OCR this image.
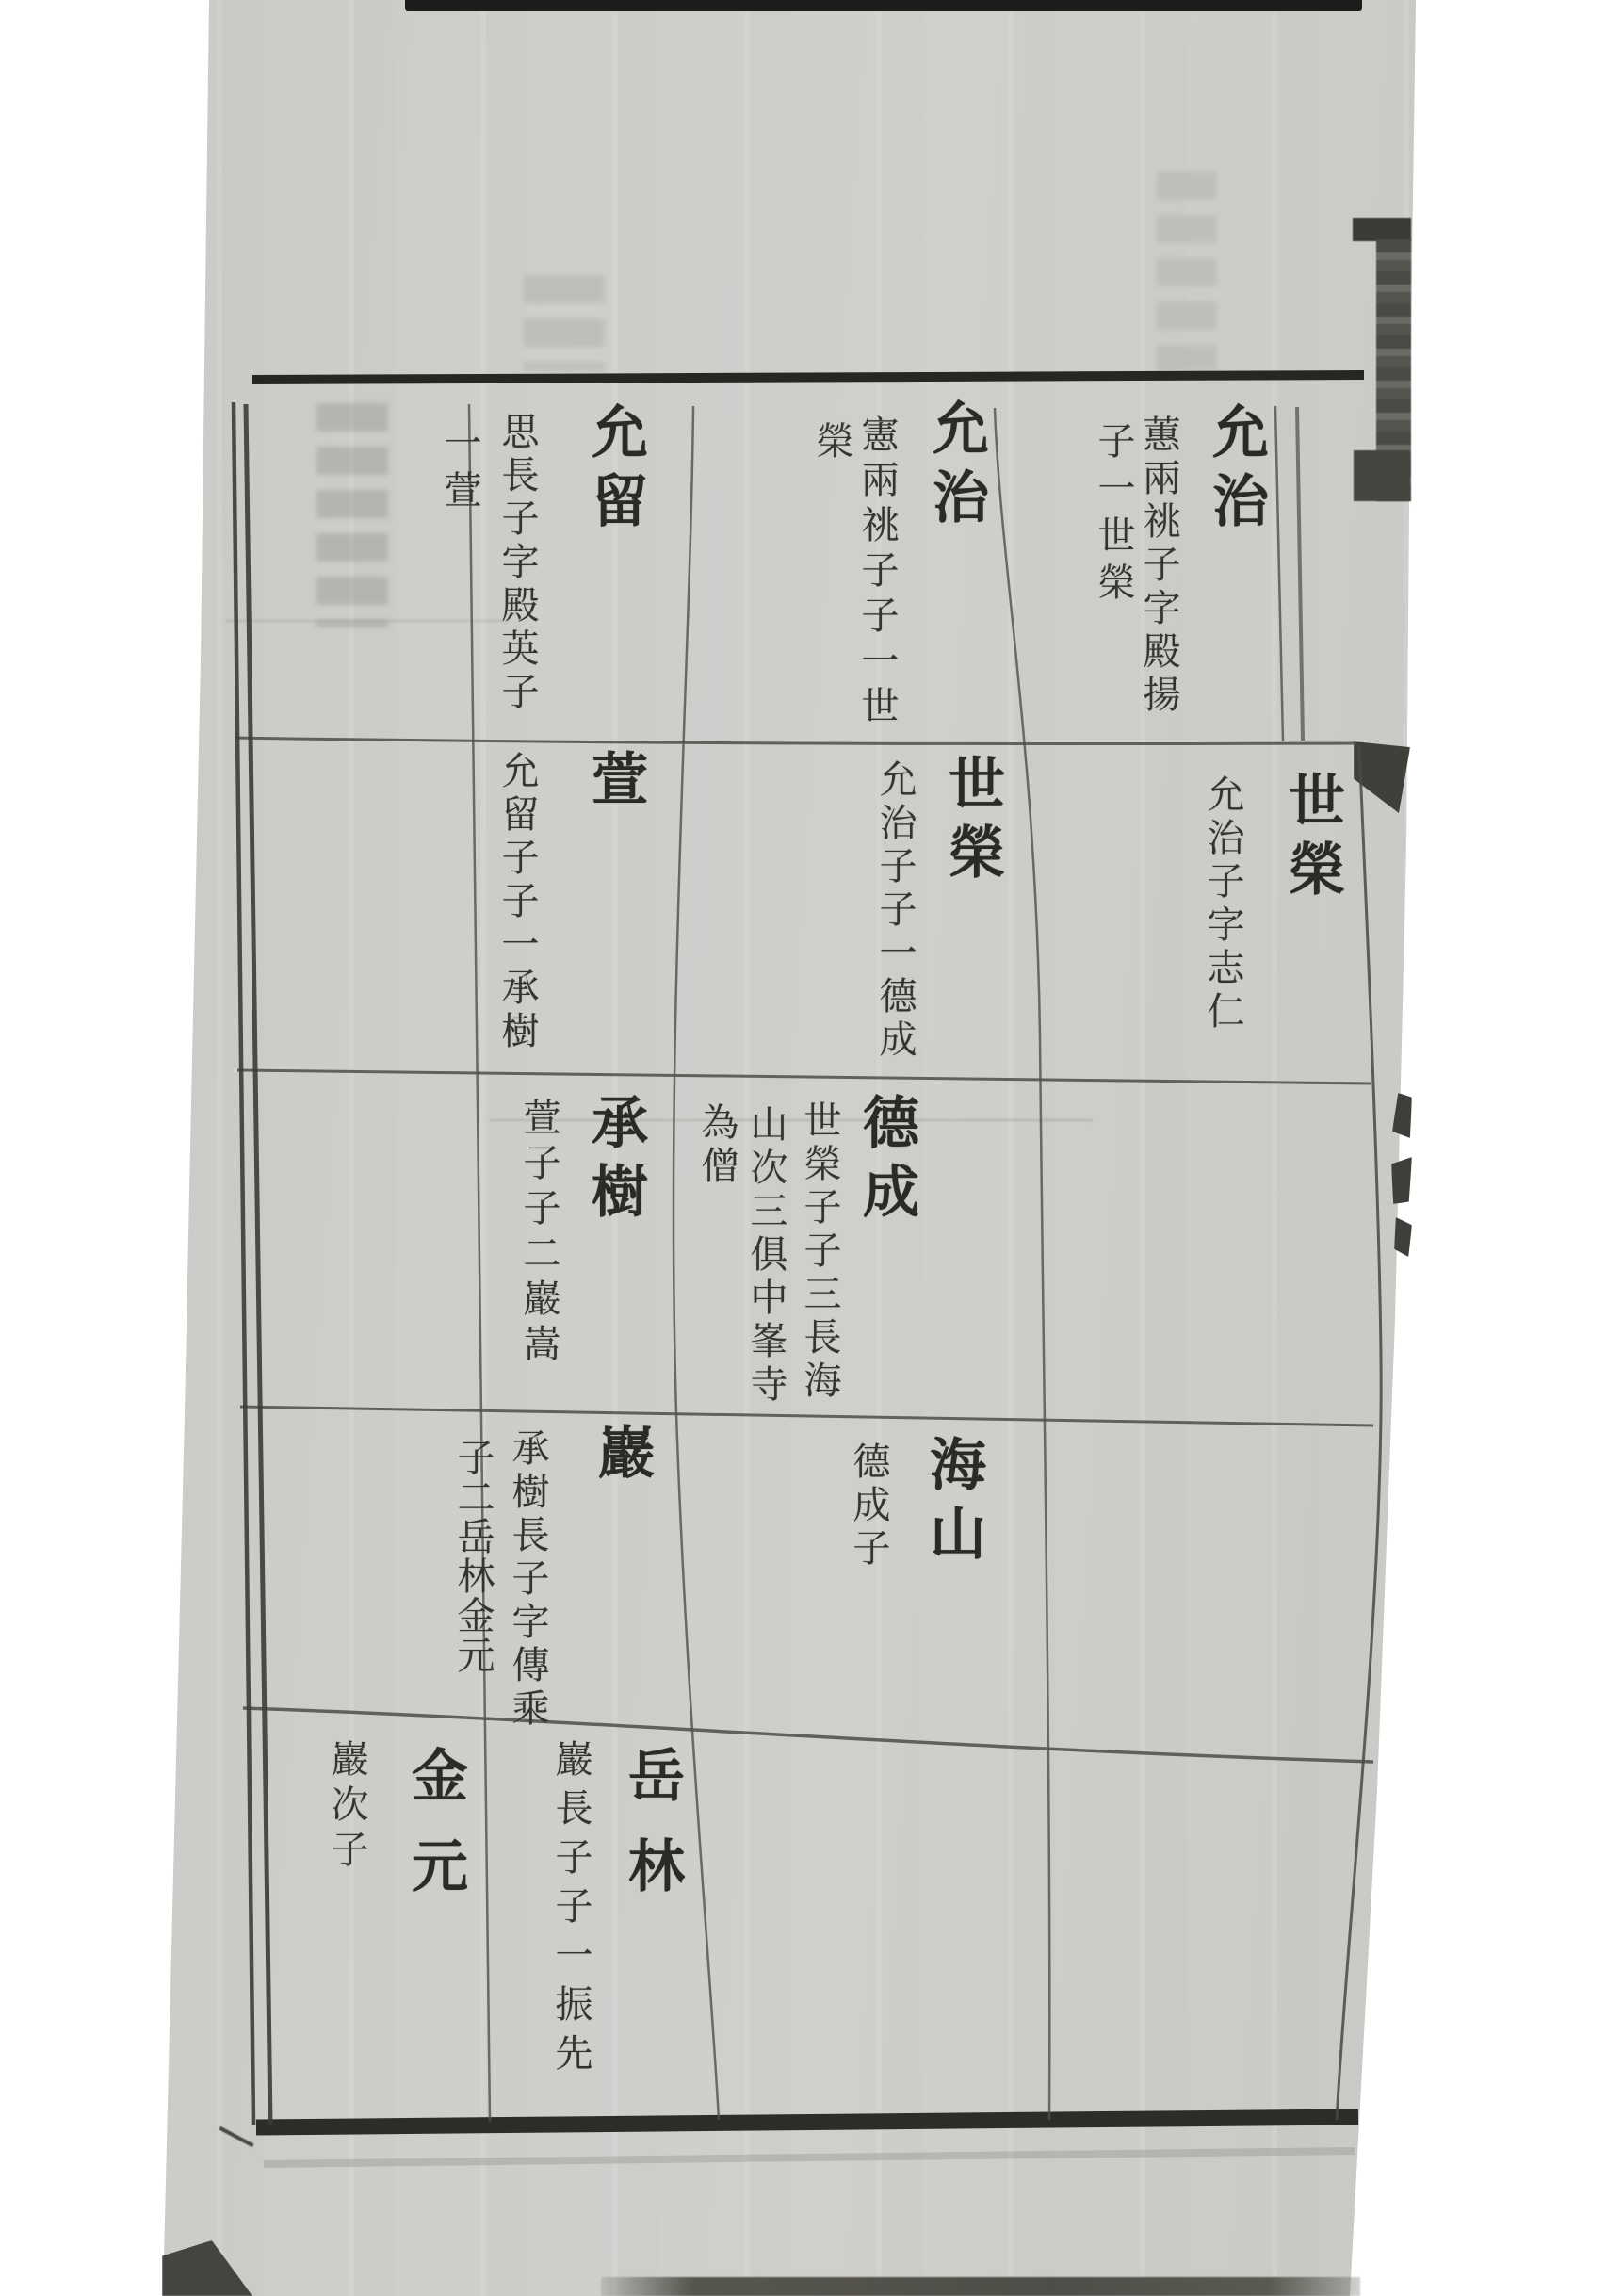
允治
蕙兩祧子字殿揚
子一世榮
允治
憲兩祧子子一世
榮
允留
思長子字殿英子
一萱
世榮
允治子字志仁
世榮
允治子子一德成
萱
允留子子一承樹
德成
世榮子子三長海
山次三俱中峯寺
為僧
承樹
萱子子二巖嵩
海山
德成子
巖
承樹長子字傳乘
子二岳林金元
岳林
巖長子子一振先
金元
巖次子
